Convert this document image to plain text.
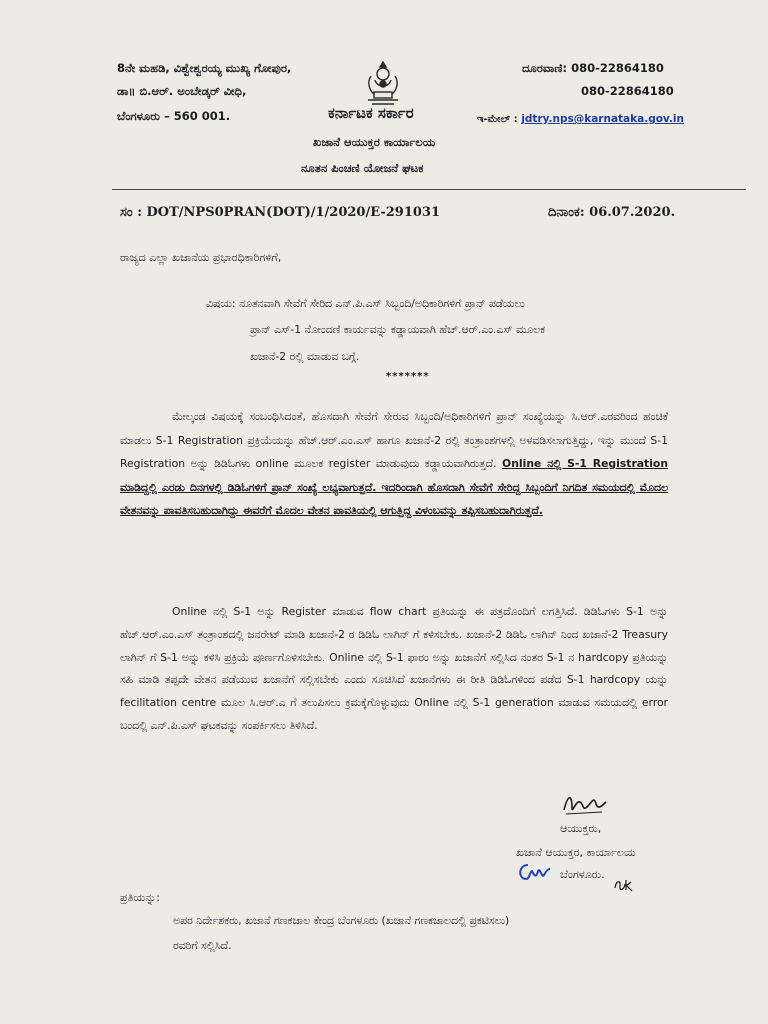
8ನೇ ಮಹಡಿ, ವಿಶ್ವೇಶ್ವರಯ್ಯ ಮುಖ್ಯ ಗೋಪುರ,
ಡಾ॥ ಬಿ.ಆರ್. ಅಂಬೇಡ್ಕರ್ ವೀಧಿ,
ಬೆಂಗಳೂರು – 560 001.	ಕರ್ನಾಟಕ ಸರ್ಕಾರ
ಖಜಾನೆ ಆಯುಕ್ತರ ಕಾರ್ಯಾಲಯ
ನೂತನ ಪಿಂಚಣಿ ಯೋಜನೆ ಘಟಕ
ದೂರವಾಣಿ: 080-22864180
080-22864180
ಇ-ಮೇಲ್ : jdtry.nps@karnataka.gov.in
ಸಂ : DOT/NPS0PRAN(DOT)/1/2020/E-291031	ದಿನಾಂಕ: 06.07.2020.
ರಾಜ್ಯದ ಎಲ್ಲಾ ಖಜಾನೆಯ ಪ್ರಭಾರಧಿಕಾರಿಗಳಿಗೆ,
ವಿಷಯ: ನೂತನವಾಗಿ ಸೇವೆಗೆ ಸೇರಿದ ಎನ್.ಪಿ.ಎಸ್ ಸಿಬ್ಬಂದಿ/ಅಧಿಕಾರಿಗಳಿಗೆ ಪ್ರಾನ್ ಪಡೆಯಲು
ಪ್ರಾನ್ ಎಸ್-1 ನೋಂದಣಿ ಕಾರ್ಯವನ್ನು ಕಡ್ಡಾಯವಾಗಿ ಹೆಚ್.ಆರ್.ಎಂ.ಎಸ್ ಮೂಲಕ
ಖಜಾನೆ-2 ರಲ್ಲಿ ಮಾಡುವ ಬಗ್ಗೆ.
*******
ಮೇಲ್ಕಂಡ ವಿಷಯಕ್ಕೆ ಸಂಬಂಧಿಸಿದಂತೆ, ಹೊಸದಾಗಿ ಸೇವೆಗೆ ಸೇರುವ ಸಿಬ್ಬಂದಿ/ಅಧಿಕಾರಿಗಳಿಗೆ ಪ್ರಾನ್ ಸಂಖ್ಯೆಯನ್ನು ಸಿ.ಆರ್.ಎರವರಿಂದ ಹಂಚಿಕೆ ಮಾಡಲು S-1 Registration ಪ್ರಕ್ರಿಯೆಯನ್ನು ಹೆಚ್.ಆರ್.ಎಂ.ಎಸ್ ಹಾಗೂ ಖಜಾನೆ-2 ರಲ್ಲಿ ತಂತ್ರಾಂಶಗಳಲ್ಲಿ ಅಳವಡಿಸಲಾಗುತ್ತಿದ್ದು, ಇನ್ನು ಮುಂದೆ S-1 Registration ಅನ್ನು ಡಿಡಿಓಗಳು online ಮೂಲಕ register ಮಾಡುವುದು ಕಡ್ಡಾಯವಾಗಿರುತ್ತದೆ. Online ನಲ್ಲಿ S-1 Registration ಮಾಡಿದ್ದಲ್ಲಿ ಎರಡು ದಿನಗಳಲ್ಲಿ ಡಿಡಿಓಗಳಿಗೆ ಪ್ರಾನ್ ಸಂಖ್ಯೆ ಲಭ್ಯವಾಗುತ್ತದೆ. ಇದರಿಂದಾಗಿ ಹೊಸದಾಗಿ ಸೇವೆಗೆ ಸೇರಿದ್ದ ಸಿಬ್ಬಂದಿಗೆ ನಿಗದಿತ ಸಮಯದಲ್ಲಿ ಮೊದಲ ವೇತನವನ್ನು ಪಾವತಿಸಬಹುದಾಗಿದ್ದು ಈವರೆಗೆ ಮೊದಲ ವೇತನ ಪಾವತಿಯಲ್ಲಿ ಆಗುತ್ತಿದ್ದ ವಿಳಂಬವನ್ನು ತಪ್ಪಿಸಬಹುದಾಗಿರುತ್ತದೆ.
Online ನಲ್ಲಿ S-1 ಅನ್ನು Register ಮಾಡುವ flow chart ಪ್ರತಿಯನ್ನು ಈ ಪತ್ರದೊಂದಿಗೆ ಲಗತ್ತಿಸಿದೆ. ಡಿಡಿಓಗಳು S-1 ಅನ್ನು ಹೆಚ್.ಆರ್.ಎಂ.ಎಸ್ ತಂತ್ರಾಂಶದಲ್ಲಿ ಜನರೇಟ್ ಮಾಡಿ ಖಜಾನೆ-2 ರ ಡಿಡಿಓ ಲಾಗಿನ್ ಗೆ ಕಳಿಸಬೇಕು. ಖಜಾನೆ-2 ಡಿಡಿಓ ಲಾಗಿನ್ ನಿಂದ ಖಜಾನೆ-2 Treasury ಲಾಗಿನ್ ಗೆ S-1 ಅನ್ನು ಕಳಿಸಿ ಪ್ರಕ್ರಿಯೆ ಪೂರ್ಣಗೊಳಿಸಬೇಕು. Online ನಲ್ಲಿ S-1 ಫಾರಂ ಅನ್ನು ಖಜಾನೆಗೆ ಸಲ್ಲಿಸಿದ ನಂತರ S-1 ನ hardcopy ಪ್ರತಿಯನ್ನು ಸಹಿ ಮಾಡಿ ತಪ್ಪದೇ ವೇತನ ಪಡೆಯುವ ಖಜಾನೆಗೆ ಸಲ್ಲಿಸಬೇಕು ಎಂದು ಸೂಚಿಸಿದೆ ಖಜಾನೆಗಳು ಈ ರೀತಿ ಡಿಡಿಓಗಳಿಂದ ಪಡೆದ S-1 hardcopy ಯನ್ನು fecilitation centre ಮೂಲ ಸಿ.ಆರ್.ಎ ಗೆ ತಲುಪಿಸಲು ಕ್ರಮಕ್ಕೆಗೊಳ್ಳುವುದು Online ನಲ್ಲಿ S-1 generation ಮಾಡುವ ಸಮಯದಲ್ಲಿ error ಬಂದಲ್ಲಿ ಎನ್.ಪಿ.ಎಸ್ ಘಟಕವನ್ನು ಸಂಪರ್ಕಿಸಲು ತಿಳಿಸಿದೆ.
ಆಯುಕ್ತರು,
ಖಜಾನೆ ಆಯುಕ್ತರ, ಕಾರ್ಯಾಲಯ
ಬೆಂಗಳೂರು.
ಪ್ರತಿಯನ್ನು:
ಅಪರ ನಿರ್ದೇಶಕರು, ಖಜಾನೆ ಗಣಕಜಾಲ ಕೇಂದ್ರ ಬೆಂಗಳೂರು (ಖಜಾನೆ ಗಣಕಜಾಲದಲ್ಲಿ ಪ್ರಕಟಿಸಲು)
ರವರಿಗೆ ಸಲ್ಲಿಸಿದೆ.
